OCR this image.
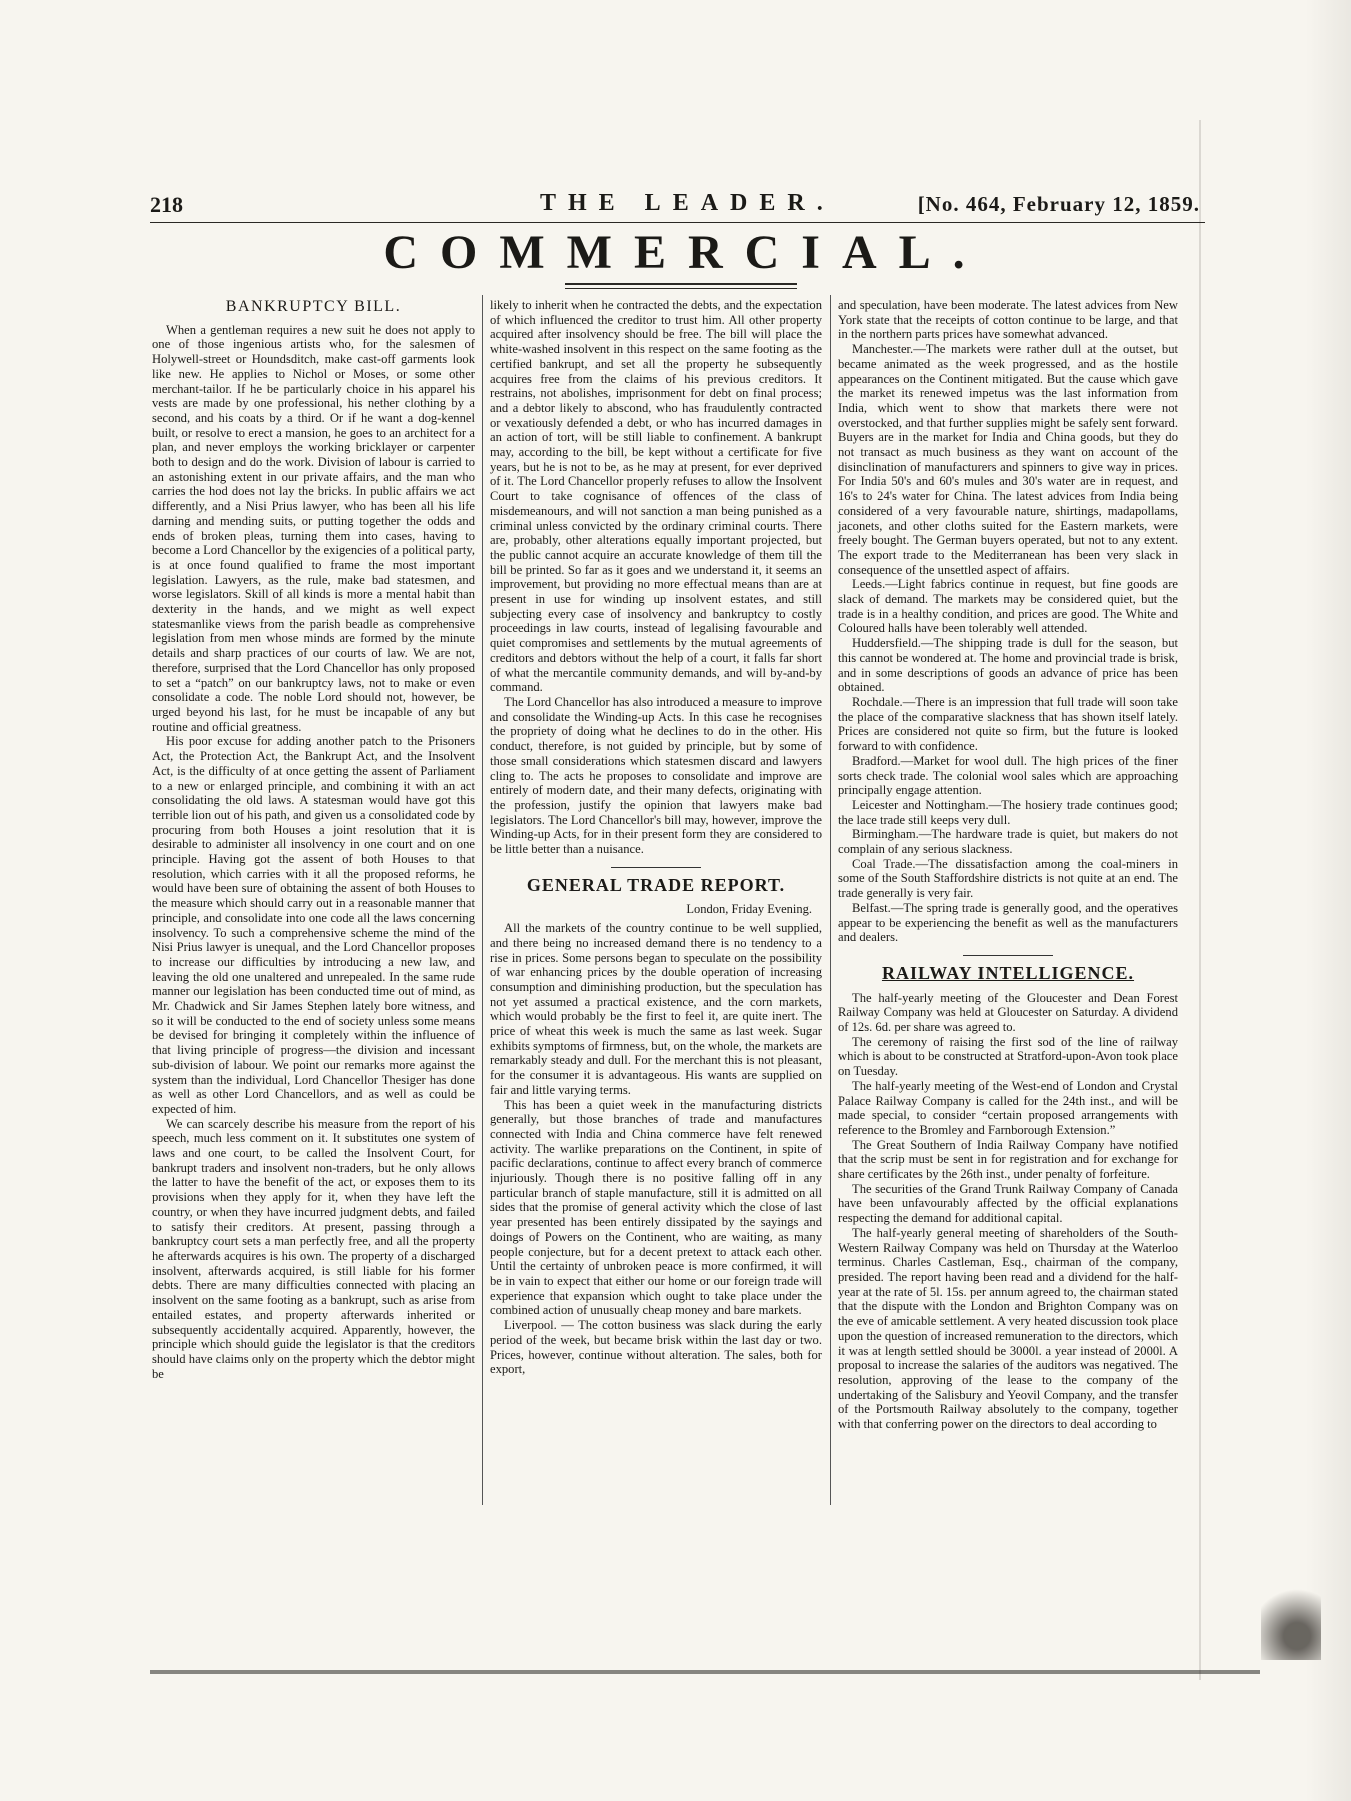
218	THE LEADER.	[No. 464, February 12, 1859.
COMMERCIAL.
BANKRUPTCY BILL.

When a gentleman requires a new suit he does not apply to one of those ingenious artists who, for the salesmen of Holywell-street or Houndsditch, make cast-off garments look like new. He applies to Nichol or Moses, or some other merchant-tailor. If he be particularly choice in his apparel his vests are made by one professional, his nether clothing by a second, and his coats by a third. Or if he want a dog-kennel built, or resolve to erect a mansion, he goes to an architect for a plan, and never employs the working bricklayer or carpenter both to design and do the work. Division of labour is carried to an astonishing extent in our private affairs, and the man who carries the hod does not lay the bricks. In public affairs we act differently, and a Nisi Prius lawyer, who has been all his life darning and mending suits, or putting together the odds and ends of broken pleas, turning them into cases, having to become a Lord Chancellor by the exigencies of a political party, is at once found qualified to frame the most important legislation. Lawyers, as the rule, make bad statesmen, and worse legislators. Skill of all kinds is more a mental habit than dexterity in the hands, and we might as well expect statesmanlike views from the parish beadle as comprehensive legislation from men whose minds are formed by the minute details and sharp practices of our courts of law. We are not, therefore, surprised that the Lord Chancellor has only proposed to set a “patch” on our bankruptcy laws, not to make or even consolidate a code. The noble Lord should not, however, be urged beyond his last, for he must be incapable of any but routine and official greatness.

His poor excuse for adding another patch to the Prisoners Act, the Protection Act, the Bankrupt Act, and the Insolvent Act, is the difficulty of at once getting the assent of Parliament to a new or enlarged principle, and combining it with an act consolidating the old laws. A statesman would have got this terrible lion out of his path, and given us a consolidated code by procuring from both Houses a joint resolution that it is desirable to administer all insolvency in one court and on one principle. Having got the assent of both Houses to that resolution, which carries with it all the proposed reforms, he would have been sure of obtaining the assent of both Houses to the measure which should carry out in a reasonable manner that principle, and consolidate into one code all the laws concerning insolvency. To such a comprehensive scheme the mind of the Nisi Prius lawyer is unequal, and the Lord Chancellor proposes to increase our difficulties by introducing a new law, and leaving the old one unaltered and unrepealed. In the same rude manner our legislation has been conducted time out of mind, as Mr. Chadwick and Sir James Stephen lately bore witness, and so it will be conducted to the end of society unless some means be devised for bringing it completely within the influence of that living principle of progress—the division and incessant sub-division of labour. We point our remarks more against the system than the individual, Lord Chancellor Thesiger has done as well as other Lord Chancellors, and as well as could be expected of him.

We can scarcely describe his measure from the report of his speech, much less comment on it. It substitutes one system of laws and one court, to be called the Insolvent Court, for bankrupt traders and insolvent non-traders, but he only allows the latter to have the benefit of the act, or exposes them to its provisions when they apply for it, when they have left the country, or when they have incurred judgment debts, and failed to satisfy their creditors. At present, passing through a bankruptcy court sets a man perfectly free, and all the property he afterwards acquires is his own. The property of a discharged insolvent, afterwards acquired, is still liable for his former debts. There are many difficulties connected with placing an insolvent on the same footing as a bankrupt, such as arise from entailed estates, and property afterwards inherited or subsequently accidentally acquired. Apparently, however, the principle which should guide the legislator is that the creditors should have claims only on the property which the debtor might be

likely to inherit when he contracted the debts, and the expectation of which influenced the creditor to trust him. All other property acquired after insolvency should be free. The bill will place the white-washed insolvent in this respect on the same footing as the certified bankrupt, and set all the property he subsequently acquires free from the claims of his previous creditors. It restrains, not abolishes, imprisonment for debt on final process; and a debtor likely to abscond, who has fraudulently contracted or vexatiously defended a debt, or who has incurred damages in an action of tort, will be still liable to confinement. A bankrupt may, according to the bill, be kept without a certificate for five years, but he is not to be, as he may at present, for ever deprived of it. The Lord Chancellor properly refuses to allow the Insolvent Court to take cognisance of offences of the class of misdemeanours, and will not sanction a man being punished as a criminal unless convicted by the ordinary criminal courts. There are, probably, other alterations equally important projected, but the public cannot acquire an accurate knowledge of them till the bill be printed. So far as it goes and we understand it, it seems an improvement, but providing no more effectual means than are at present in use for winding up insolvent estates, and still subjecting every case of insolvency and bankruptcy to costly proceedings in law courts, instead of legalising favourable and quiet compromises and settlements by the mutual agreements of creditors and debtors without the help of a court, it falls far short of what the mercantile community demands, and will by-and-by command.

The Lord Chancellor has also introduced a measure to improve and consolidate the Winding-up Acts. In this case he recognises the propriety of doing what he declines to do in the other. His conduct, therefore, is not guided by principle, but by some of those small considerations which statesmen discard and lawyers cling to. The acts he proposes to consolidate and improve are entirely of modern date, and their many defects, originating with the profession, justify the opinion that lawyers make bad legislators. The Lord Chancellor's bill may, however, improve the Winding-up Acts, for in their present form they are considered to be little better than a nuisance.

GENERAL TRADE REPORT.
London, Friday Evening.

All the markets of the country continue to be well supplied, and there being no increased demand there is no tendency to a rise in prices. Some persons began to speculate on the possibility of war enhancing prices by the double operation of increasing consumption and diminishing production, but the speculation has not yet assumed a practical existence, and the corn markets, which would probably be the first to feel it, are quite inert. The price of wheat this week is much the same as last week. Sugar exhibits symptoms of firmness, but, on the whole, the markets are remarkably steady and dull. For the merchant this is not pleasant, for the consumer it is advantageous. His wants are supplied on fair and little varying terms.

This has been a quiet week in the manufacturing districts generally, but those branches of trade and manufactures connected with India and China commerce have felt renewed activity. The warlike preparations on the Continent, in spite of pacific declarations, continue to affect every branch of commerce injuriously. Though there is no positive falling off in any particular branch of staple manufacture, still it is admitted on all sides that the promise of general activity which the close of last year presented has been entirely dissipated by the sayings and doings of Powers on the Continent, who are waiting, as many people conjecture, but for a decent pretext to attack each other. Until the certainty of unbroken peace is more confirmed, it will be in vain to expect that either our home or our foreign trade will experience that expansion which ought to take place under the combined action of unusually cheap money and bare markets.

Liverpool. — The cotton business was slack during the early period of the week, but became brisk within the last day or two. Prices, however, continue without alteration. The sales, both for export,

and speculation, have been moderate. The latest advices from New York state that the receipts of cotton continue to be large, and that in the northern parts prices have somewhat advanced.

Manchester.—The markets were rather dull at the outset, but became animated as the week progressed, and as the hostile appearances on the Continent mitigated. But the cause which gave the market its renewed impetus was the last information from India, which went to show that markets there were not overstocked, and that further supplies might be safely sent forward. Buyers are in the market for India and China goods, but they do not transact as much business as they want on account of the disinclination of manufacturers and spinners to give way in prices. For India 50's and 60's mules and 30's water are in request, and 16's to 24's water for China. The latest advices from India being considered of a very favourable nature, shirtings, madapollams, jaconets, and other cloths suited for the Eastern markets, were freely bought. The German buyers operated, but not to any extent. The export trade to the Mediterranean has been very slack in consequence of the unsettled aspect of affairs.

Leeds.—Light fabrics continue in request, but fine goods are slack of demand. The markets may be considered quiet, but the trade is in a healthy condition, and prices are good. The White and Coloured halls have been tolerably well attended.

Huddersfield.—The shipping trade is dull for the season, but this cannot be wondered at. The home and provincial trade is brisk, and in some descriptions of goods an advance of price has been obtained.

Rochdale.—There is an impression that full trade will soon take the place of the comparative slackness that has shown itself lately. Prices are considered not quite so firm, but the future is looked forward to with confidence.

Bradford.—Market for wool dull. The high prices of the finer sorts check trade. The colonial wool sales which are approaching principally engage attention.

Leicester and Nottingham.—The hosiery trade continues good; the lace trade still keeps very dull.

Birmingham.—The hardware trade is quiet, but makers do not complain of any serious slackness.

Coal Trade.—The dissatisfaction among the coal-miners in some of the South Staffordshire districts is not quite at an end. The trade generally is very fair.

Belfast.—The spring trade is generally good, and the operatives appear to be experiencing the benefit as well as the manufacturers and dealers.

RAILWAY INTELLIGENCE.

The half-yearly meeting of the Gloucester and Dean Forest Railway Company was held at Gloucester on Saturday. A dividend of 12s. 6d. per share was agreed to.

The ceremony of raising the first sod of the line of railway which is about to be constructed at Stratford-upon-Avon took place on Tuesday.

The half-yearly meeting of the West-end of London and Crystal Palace Railway Company is called for the 24th inst., and will be made special, to consider “certain proposed arrangements with reference to the Bromley and Farnborough Extension.”

The Great Southern of India Railway Company have notified that the scrip must be sent in for registration and for exchange for share certificates by the 26th inst., under penalty of forfeiture.

The securities of the Grand Trunk Railway Company of Canada have been unfavourably affected by the official explanations respecting the demand for additional capital.

The half-yearly general meeting of shareholders of the South-Western Railway Company was held on Thursday at the Waterloo terminus. Charles Castleman, Esq., chairman of the company, presided. The report having been read and a dividend for the half-year at the rate of 5l. 15s. per annum agreed to, the chairman stated that the dispute with the London and Brighton Company was on the eve of amicable settlement. A very heated discussion took place upon the question of increased remuneration to the directors, which it was at length settled should be 3000l. a year instead of 2000l. A proposal to increase the salaries of the auditors was negatived. The resolution, approving of the lease to the company of the undertaking of the Salisbury and Yeovil Company, and the transfer of the Portsmouth Railway absolutely to the company, together with that conferring power on the directors to deal according to
